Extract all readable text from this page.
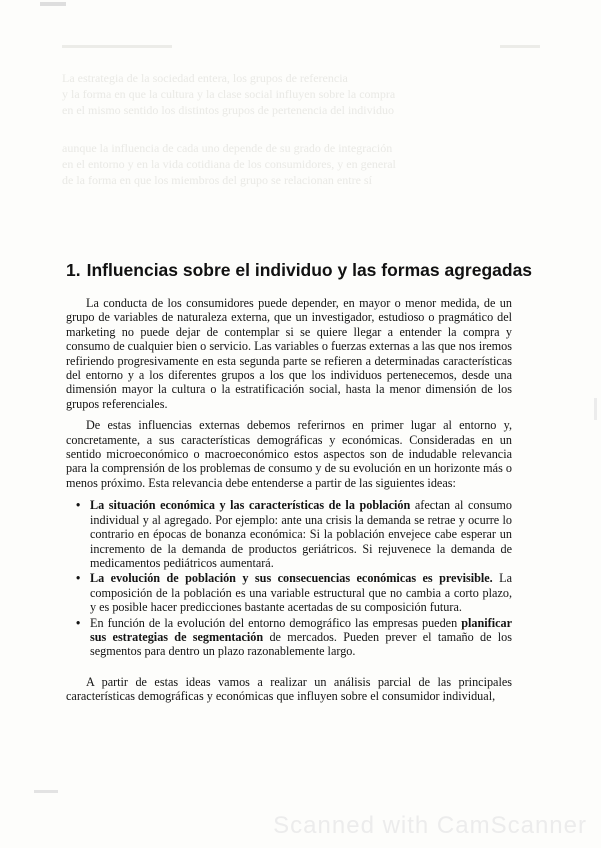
La estrategia de la sociedad entera, los grupos de referencia
y la forma en que la cultura y la clase social influyen sobre la compra
en el mismo sentido los distintos grupos de pertenencia del individuo
aunque la influencia de cada uno depende de su grado de integración
en el entorno y en la vida cotidiana de los consumidores, y en general
de la forma en que los miembros del grupo se relacionan entre sí
1. Influencias sobre el individuo y las formas agregadas

La conducta de los consumidores puede depender, en mayor o menor medida, de un grupo de variables de naturaleza externa, que un investigador, estudioso o pragmático del marketing no puede dejar de contemplar si se quiere llegar a entender la compra y consumo de cualquier bien o servicio. Las variables o fuerzas externas a las que nos iremos refiriendo progresivamente en esta segunda parte se refieren a determinadas características del entorno y a los diferentes grupos a los que los individuos pertenecemos, desde una dimensión mayor la cultura o la estratificación social, hasta la menor dimensión de los grupos referenciales.

De estas influencias externas debemos referirnos en primer lugar al entorno y, concretamente, a sus características demográficas y económicas. Consideradas en un sentido microeconómico o macroeconómico estos aspectos son de indudable relevancia para la comprensión de los problemas de consumo y de su evolución en un horizonte más o menos próximo. Esta relevancia debe entenderse a partir de las siguientes ideas:

• La situación económica y las características de la población afectan al consumo individual y al agregado. Por ejemplo: ante una crisis la demanda se retrae y ocurre lo contrario en épocas de bonanza económica: Si la población envejece cabe esperar un incremento de la demanda de productos geriátricos. Si rejuvenece la demanda de medicamentos pediátricos aumentará.
• La evolución de población y sus consecuencias económicas es previsible. La composición de la población es una variable estructural que no cambia a corto plazo, y es posible hacer predicciones bastante acertadas de su composición futura.
• En función de la evolución del entorno demográfico las empresas pueden planificar sus estrategias de segmentación de mercados. Pueden prever el tamaño de los segmentos para dentro un plazo razonablemente largo.

A partir de estas ideas vamos a realizar un análisis parcial de las principales características demográficas y económicas que influyen sobre el consumidor individual,

Scanned with CamScanner
